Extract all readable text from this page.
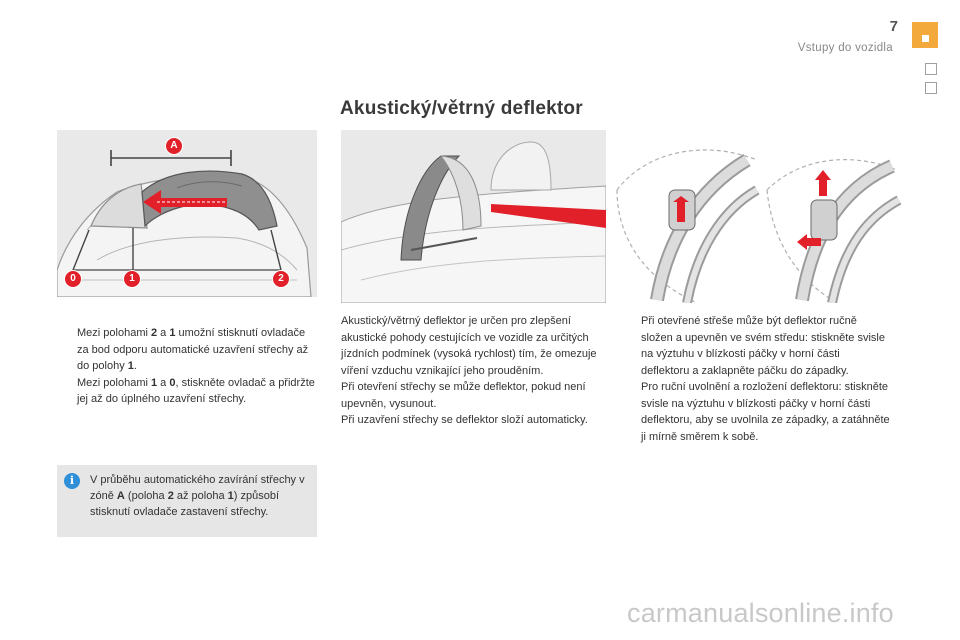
7
Vstupy do vozidla
Akustický/větrný deflektor
A
0	1	2
Mezi polohami 2 a 1 umožní stisknutí ovladače za bod odporu automatické uzavření střechy až do polohy 1.
Mezi polohami 1 a 0, stiskněte ovladač a přidržte jej až do úplného uzavření střechy.
i	V průběhu automatického zavírání střechy v zóně A (poloha 2 až poloha 1) způsobí stisknutí ovladače zastavení střechy.
Akustický/větrný deflektor je určen pro zlepšení akustické pohody cestujících ve vozidle za určitých jízdních podmínek (vysoká rychlost) tím, že omezuje víření vzduchu vznikající jeho prouděním.
Při otevření střechy se může deflektor, pokud není upevněn, vysunout.
Při uzavření střechy se deflektor složí automaticky.
Při otevřené střeše může být deflektor ručně složen a upevněn ve svém středu: stiskněte svisle na výztuhu v blízkosti páčky v horní části deflektoru a zaklapněte páčku do západky.
Pro ruční uvolnění a rozložení deflektoru: stiskněte svisle na výztuhu v blízkosti páčky v horní části deflektoru, aby se uvolnila ze západky, a zatáhněte ji mírně směrem k sobě.
carmanualsonline.info
